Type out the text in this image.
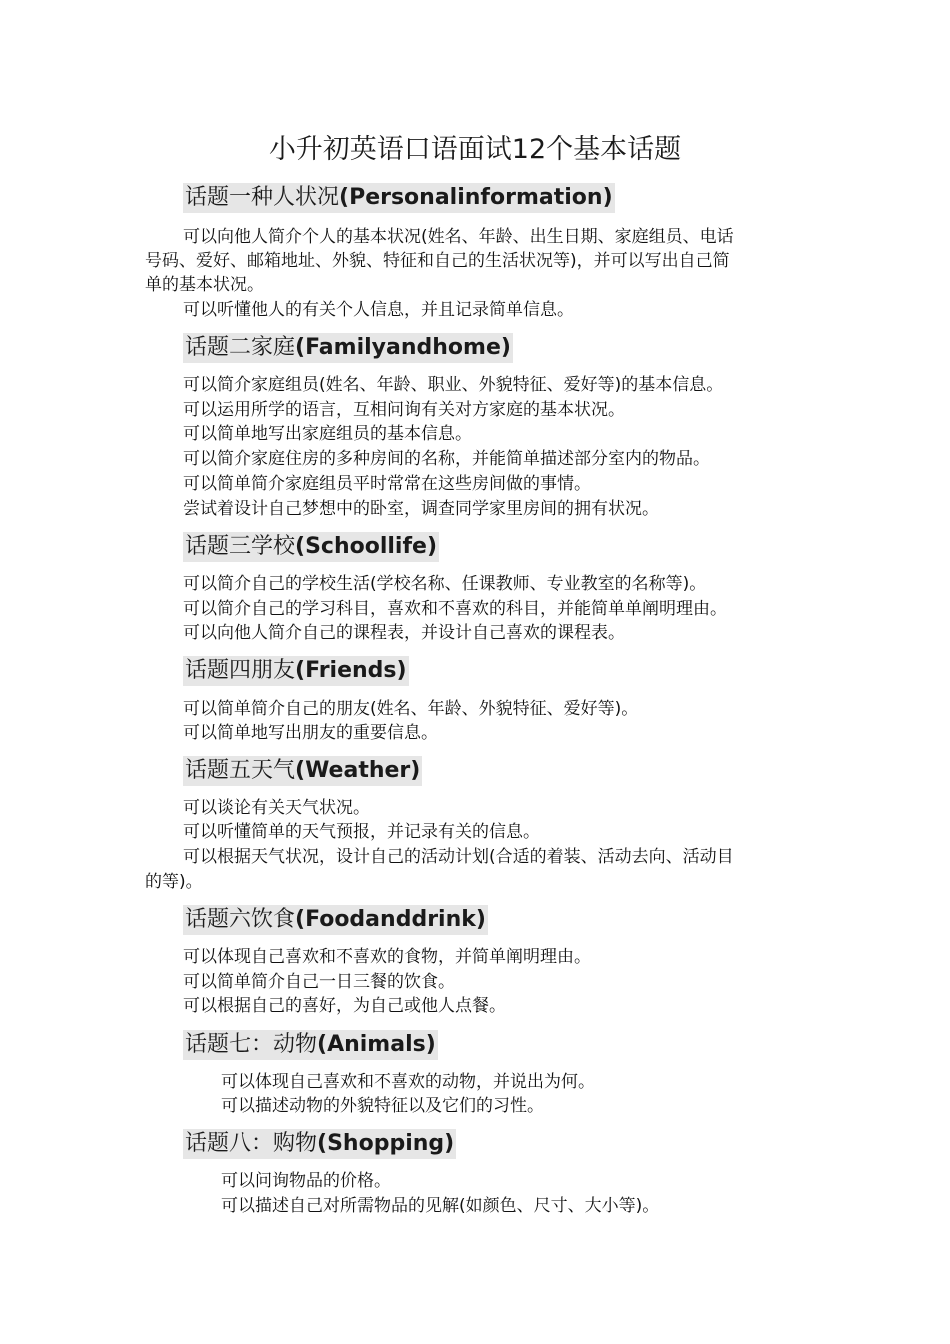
小升初英语口语面试12个基本话题
话题一种人状况(Personalinformation)

可以向他人简介个人的基本状况(姓名、年龄、出生日期、家庭组员、电话

号码、爱好、邮箱地址、外貌、特征和自己的生活状况等)，并可以写出自己简

单的基本状况。

可以听懂他人的有关个人信息，并且记录简单信息。

话题二家庭(Familyandhome)

可以简介家庭组员(姓名、年龄、职业、外貌特征、爱好等)的基本信息。

可以运用所学的语言，互相问询有关对方家庭的基本状况。

可以简单地写出家庭组员的基本信息。

可以简介家庭住房的多种房间的名称，并能简单描述部分室内的物品。

可以简单简介家庭组员平时常常在这些房间做的事情。

尝试着设计自己梦想中的卧室，调查同学家里房间的拥有状况。

话题三学校(Schoollife)

可以简介自己的学校生活(学校名称、任课教师、专业教室的名称等)。

可以简介自己的学习科目，喜欢和不喜欢的科目，并能简单单阐明理由。

可以向他人简介自己的课程表，并设计自己喜欢的课程表。

话题四朋友(Friends)

可以简单简介自己的朋友(姓名、年龄、外貌特征、爱好等)。

可以简单地写出朋友的重要信息。

话题五天气(Weather)

可以谈论有关天气状况。

可以听懂简单的天气预报，并记录有关的信息。

可以根据天气状况，设计自己的活动计划(合适的着装、活动去向、活动目

的等)。

话题六饮食(Foodanddrink)

可以体现自己喜欢和不喜欢的食物，并简单阐明理由。

可以简单简介自己一日三餐的饮食。

可以根据自己的喜好，为自己或他人点餐。

话题七：动物(Animals)

可以体现自己喜欢和不喜欢的动物，并说出为何。

可以描述动物的外貌特征以及它们的习性。

话题八：购物(Shopping)

可以问询物品的价格。

可以描述自己对所需物品的见解(如颜色、尺寸、大小等)。
